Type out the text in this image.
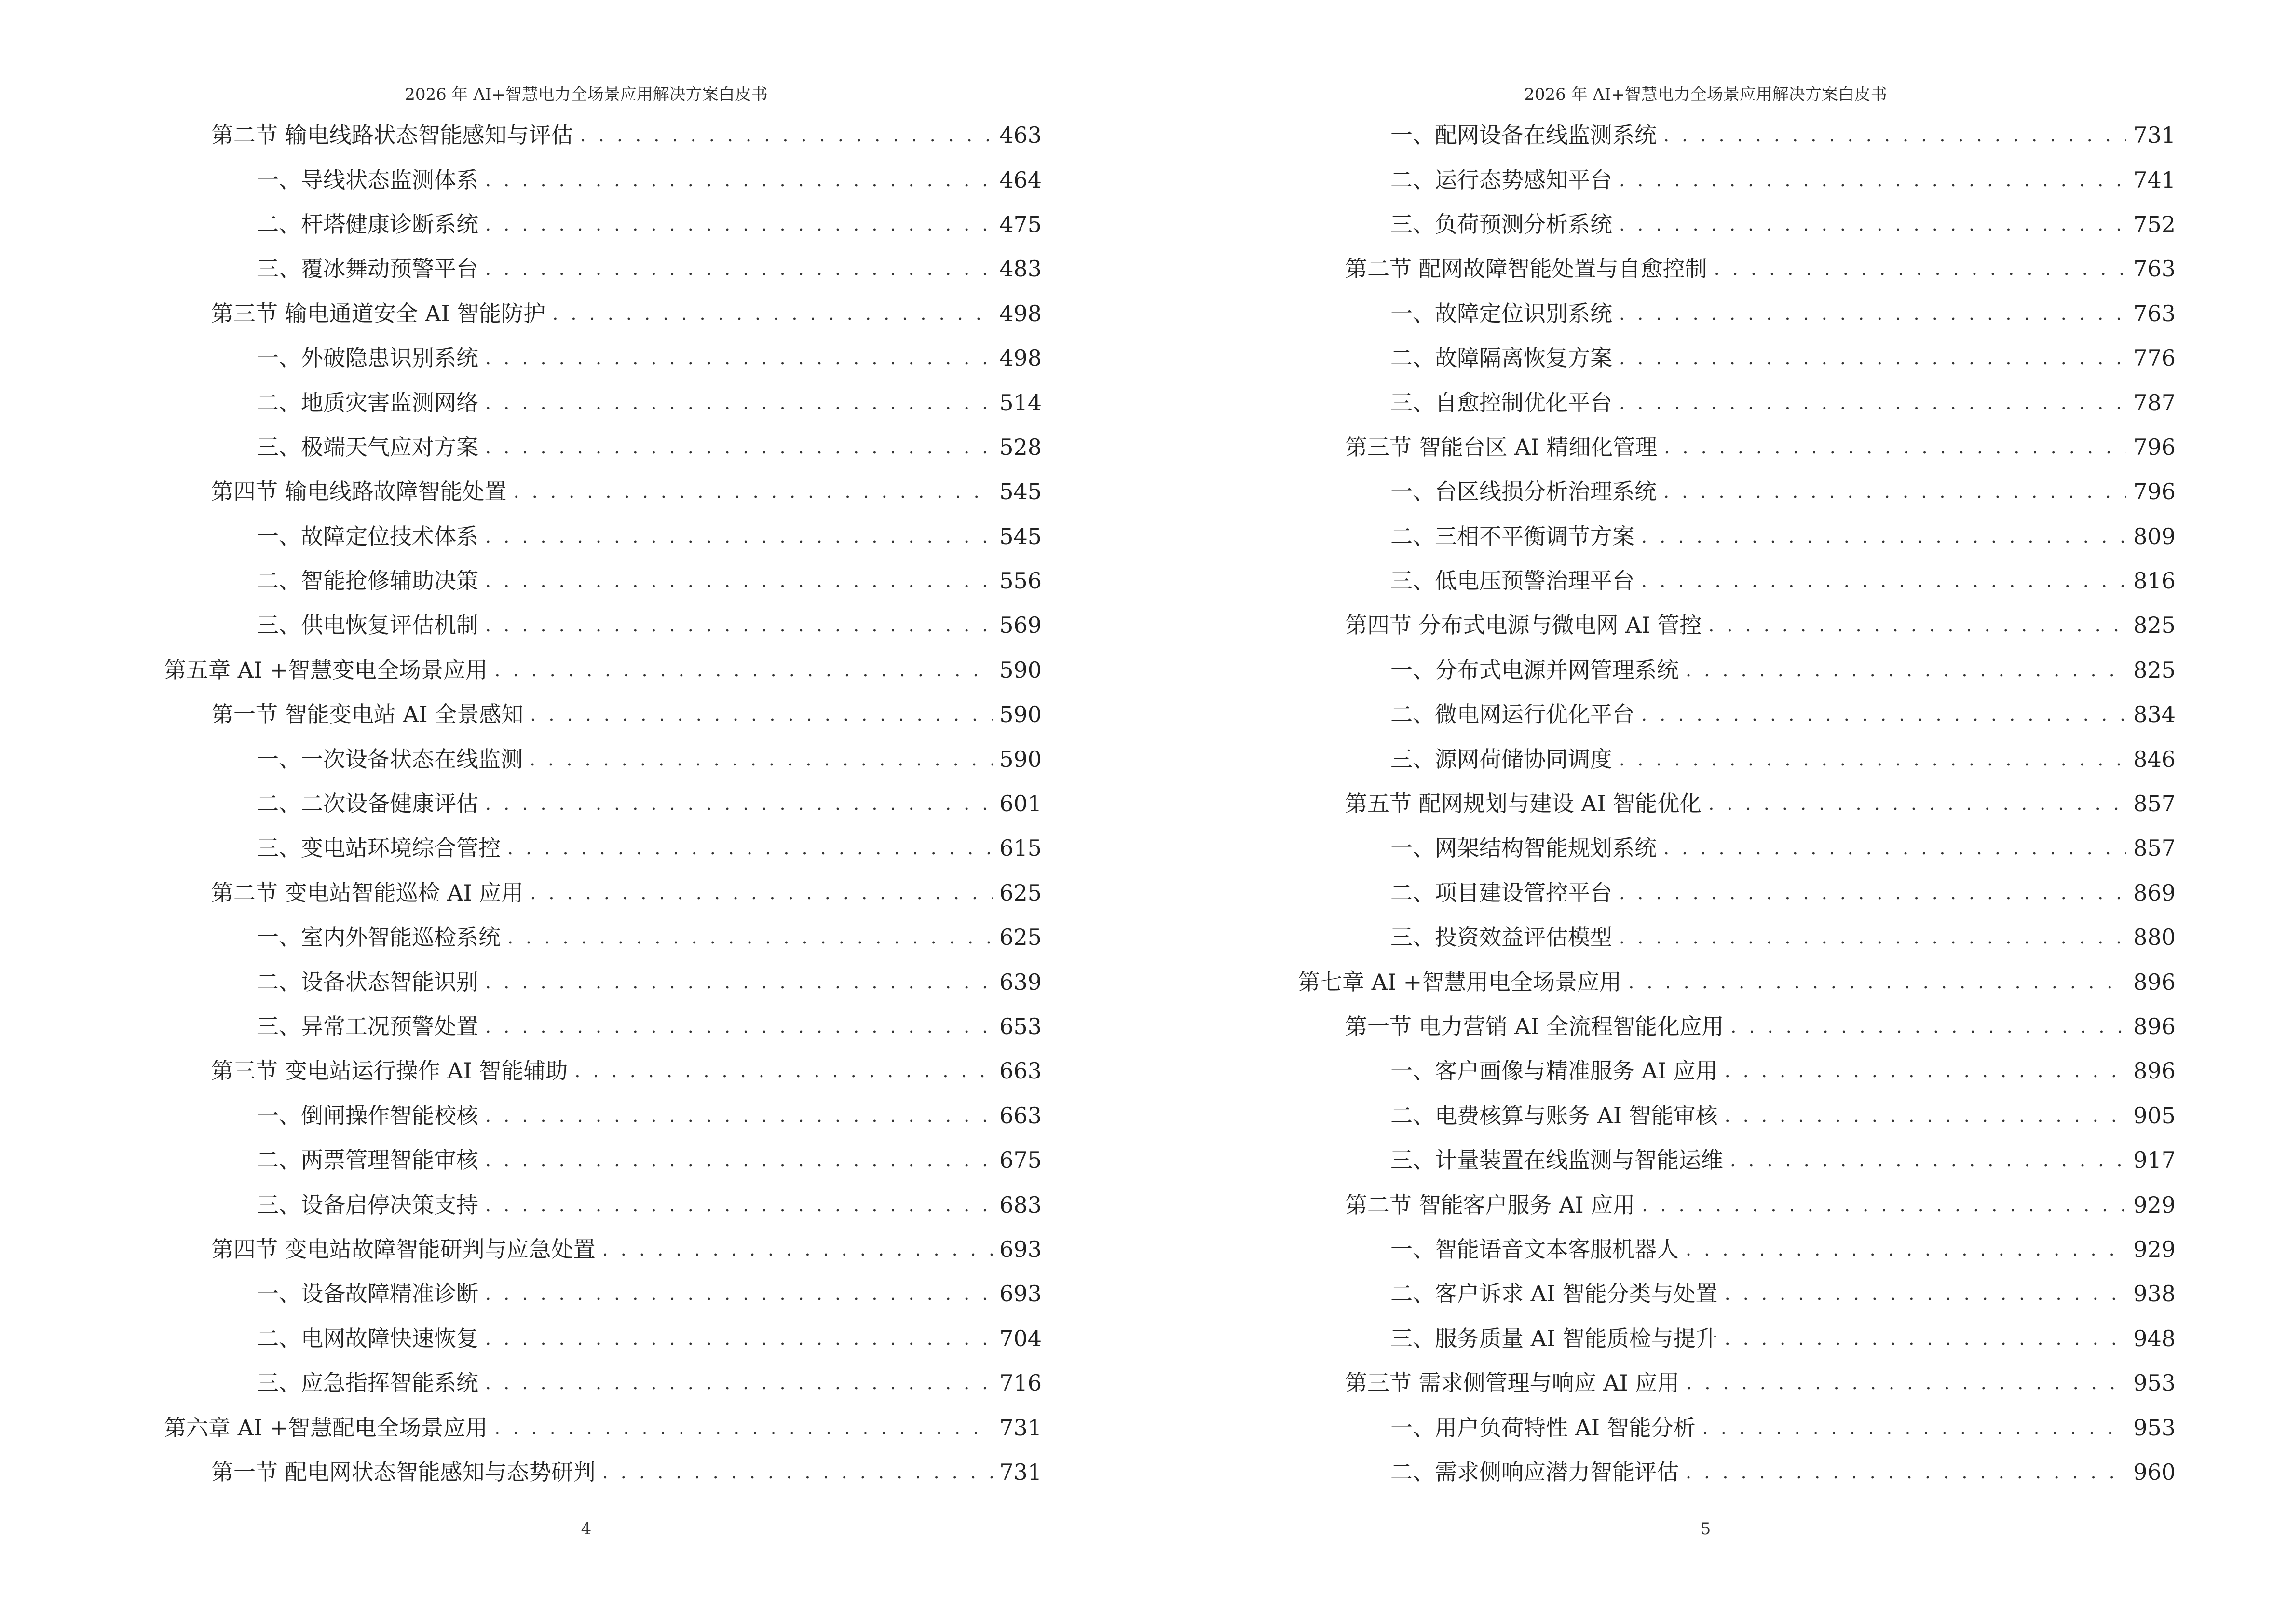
2026 年 AI+智慧电力全场景应用解决方案白皮书
第二节 输电线路状态智能感知与评估 . . .	463
一、导线状态监测体系 . . .	464
二、杆塔健康诊断系统 . . .	475
三、覆冰舞动预警平台 . . .	483
第三节 输电通道安全 AI 智能防护 . . .	498
一、外破隐患识别系统 . . .	498
二、地质灾害监测网络 . . .	514
三、极端天气应对方案 . . .	528
第四节 输电线路故障智能处置 . . .	545
一、故障定位技术体系 . . .	545
二、智能抢修辅助决策 . . .	556
三、供电恢复评估机制 . . .	569
第五章 AI +智慧变电全场景应用 . . .	590
第一节 智能变电站 AI 全景感知 . . .	590
一、一次设备状态在线监测 . . .	590
二、二次设备健康评估 . . .	601
三、变电站环境综合管控 . . .	615
第二节 变电站智能巡检 AI 应用 . . .	625
一、室内外智能巡检系统 . . .	625
二、设备状态智能识别 . . .	639
三、异常工况预警处置 . . .	653
第三节 变电站运行操作 AI 智能辅助 . . .	663
一、倒闸操作智能校核 . . .	663
二、两票管理智能审核 . . .	675
三、设备启停决策支持 . . .	683
第四节 变电站故障智能研判与应急处置 . . .	693
一、设备故障精准诊断 . . .	693
二、电网故障快速恢复 . . .	704
三、应急指挥智能系统 . . .	716
第六章 AI +智慧配电全场景应用 . . .	731
第一节 配电网状态智能感知与态势研判 . . .	731
4
2026 年 AI+智慧电力全场景应用解决方案白皮书
一、配网设备在线监测系统 . . .	731
二、运行态势感知平台 . . .	741
三、负荷预测分析系统 . . .	752
第二节 配网故障智能处置与自愈控制 . . .	763
一、故障定位识别系统 . . .	763
二、故障隔离恢复方案 . . .	776
三、自愈控制优化平台 . . .	787
第三节 智能台区 AI 精细化管理 . . .	796
一、台区线损分析治理系统 . . .	796
二、三相不平衡调节方案 . . .	809
三、低电压预警治理平台 . . .	816
第四节 分布式电源与微电网 AI 管控 . . .	825
一、分布式电源并网管理系统 . . .	825
二、微电网运行优化平台 . . .	834
三、源网荷储协同调度 . . .	846
第五节 配网规划与建设 AI 智能优化 . . .	857
一、网架结构智能规划系统 . . .	857
二、项目建设管控平台 . . .	869
三、投资效益评估模型 . . .	880
第七章 AI +智慧用电全场景应用 . . .	896
第一节 电力营销 AI 全流程智能化应用 . . .	896
一、客户画像与精准服务 AI 应用 . . .	896
二、电费核算与账务 AI 智能审核 . . .	905
三、计量装置在线监测与智能运维 . . .	917
第二节 智能客户服务 AI 应用 . . .	929
一、智能语音文本客服机器人 . . .	929
二、客户诉求 AI 智能分类与处置 . . .	938
三、服务质量 AI 智能质检与提升 . . .	948
第三节 需求侧管理与响应 AI 应用 . . .	953
一、用户负荷特性 AI 智能分析 . . .	953
二、需求侧响应潜力智能评估 . . .	960
5
